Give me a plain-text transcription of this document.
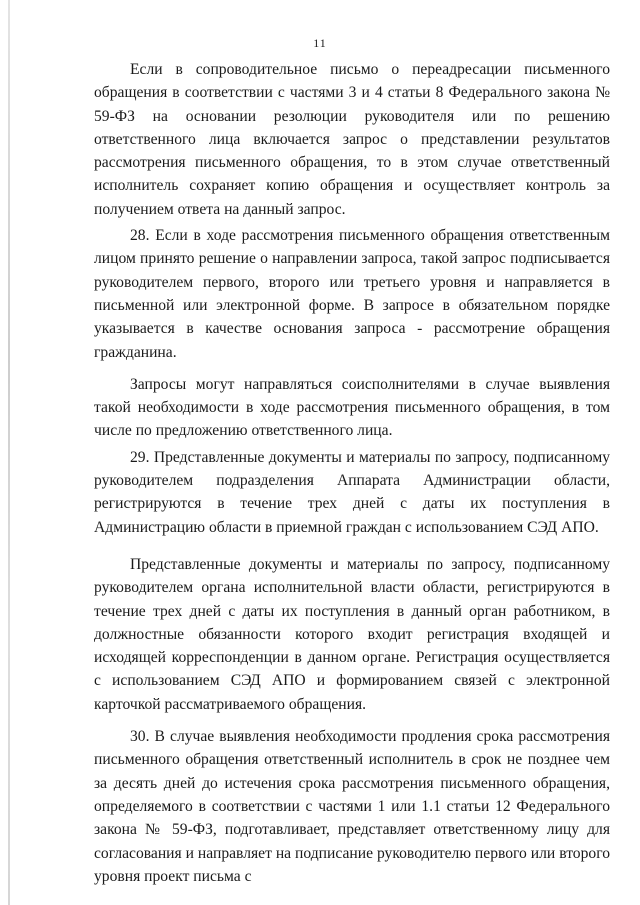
11

Если в сопроводительное письмо о переадресации письменного обращения в соответствии с частями 3 и 4 статьи 8 Федерального закона № 59-ФЗ на основании резолюции руководителя или по решению ответственного лица включается запрос о представлении результатов рассмотрения письменного обращения, то в этом случае ответственный исполнитель сохраняет копию обращения и осуществляет контроль за получением ответа на данный запрос.

28. Если в ходе рассмотрения письменного обращения ответственным лицом принято решение о направлении запроса, такой запрос подписывается руководителем первого, второго или третьего уровня и направляется в письменной или электронной форме. В запросе в обязательном порядке указывается в качестве основания запроса - рассмотрение обращения гражданина.

Запросы могут направляться соисполнителями в случае выявления такой необходимости в ходе рассмотрения письменного обращения, в том числе по предложению ответственного лица.

29. Представленные документы и материалы по запросу, подписанному руководителем подразделения Аппарата Администрации области, регистрируются в течение трех дней с даты их поступления в Администрацию области в приемной граждан с использованием СЭД АПО.

Представленные документы и материалы по запросу, подписанному руководителем органа исполнительной власти области, регистрируются в течение трех дней с даты их поступления в данный орган работником, в должностные обязанности которого входит регистрация входящей и исходящей корреспонденции в данном органе. Регистрация осуществляется с использованием СЭД АПО и формированием связей с электронной карточкой рассматриваемого обращения.

30. В случае выявления необходимости продления срока рассмотрения письменного обращения ответственный исполнитель в срок не позднее чем за десять дней до истечения срока рассмотрения письменного обращения, определяемого в соответствии с частями 1 или 1.1 статьи 12 Федерального закона № 59-ФЗ, подготавливает, представляет ответственному лицу для согласования и направляет на подписание руководителю первого или второго уровня проект письма с
